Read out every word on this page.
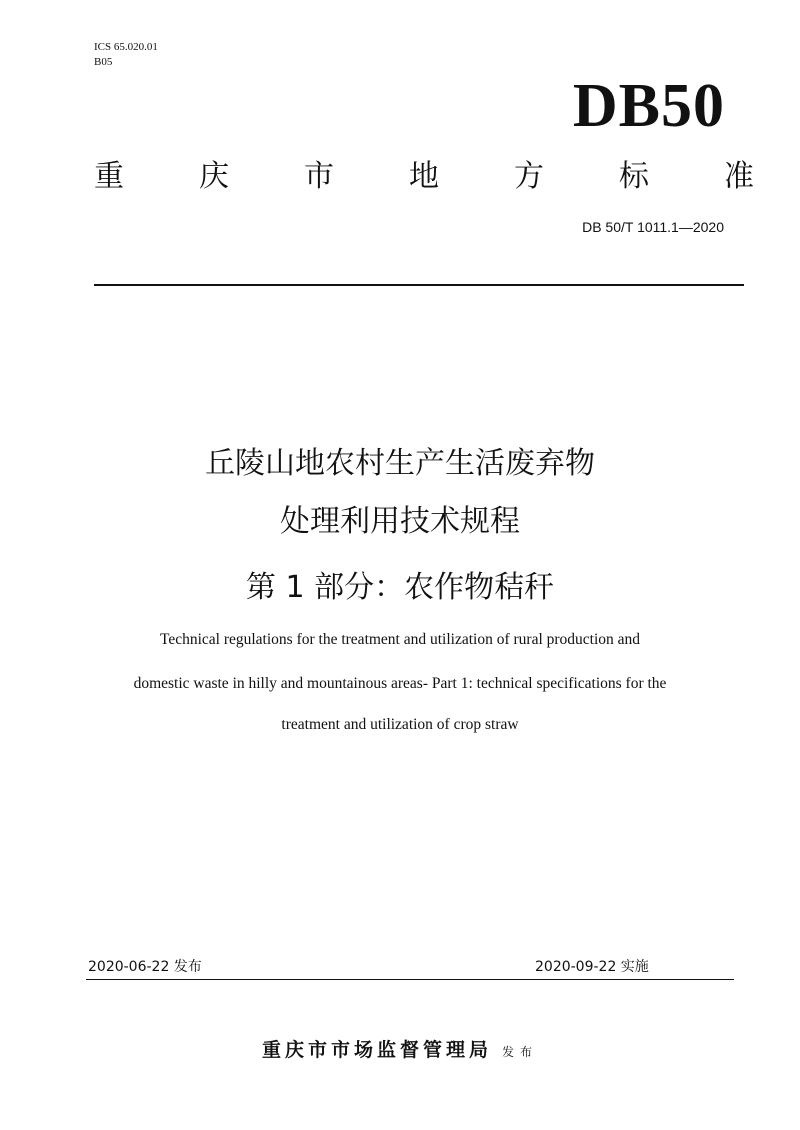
ICS 65.020.01
B05
DB50
重	庆	市	地	方	标	准
DB 50/T 1011.1—2020
丘陵山地农村生产生活废弃物
处理利用技术规程
第 1 部分：农作物秸秆
Technical regulations for the treatment and utilization of rural production and
domestic waste in hilly and mountainous areas- Part 1: technical specifications for the
treatment and utilization of crop straw
2020-06-22 发布	2020-09-22 实施
重庆市市场监督管理局 发布
